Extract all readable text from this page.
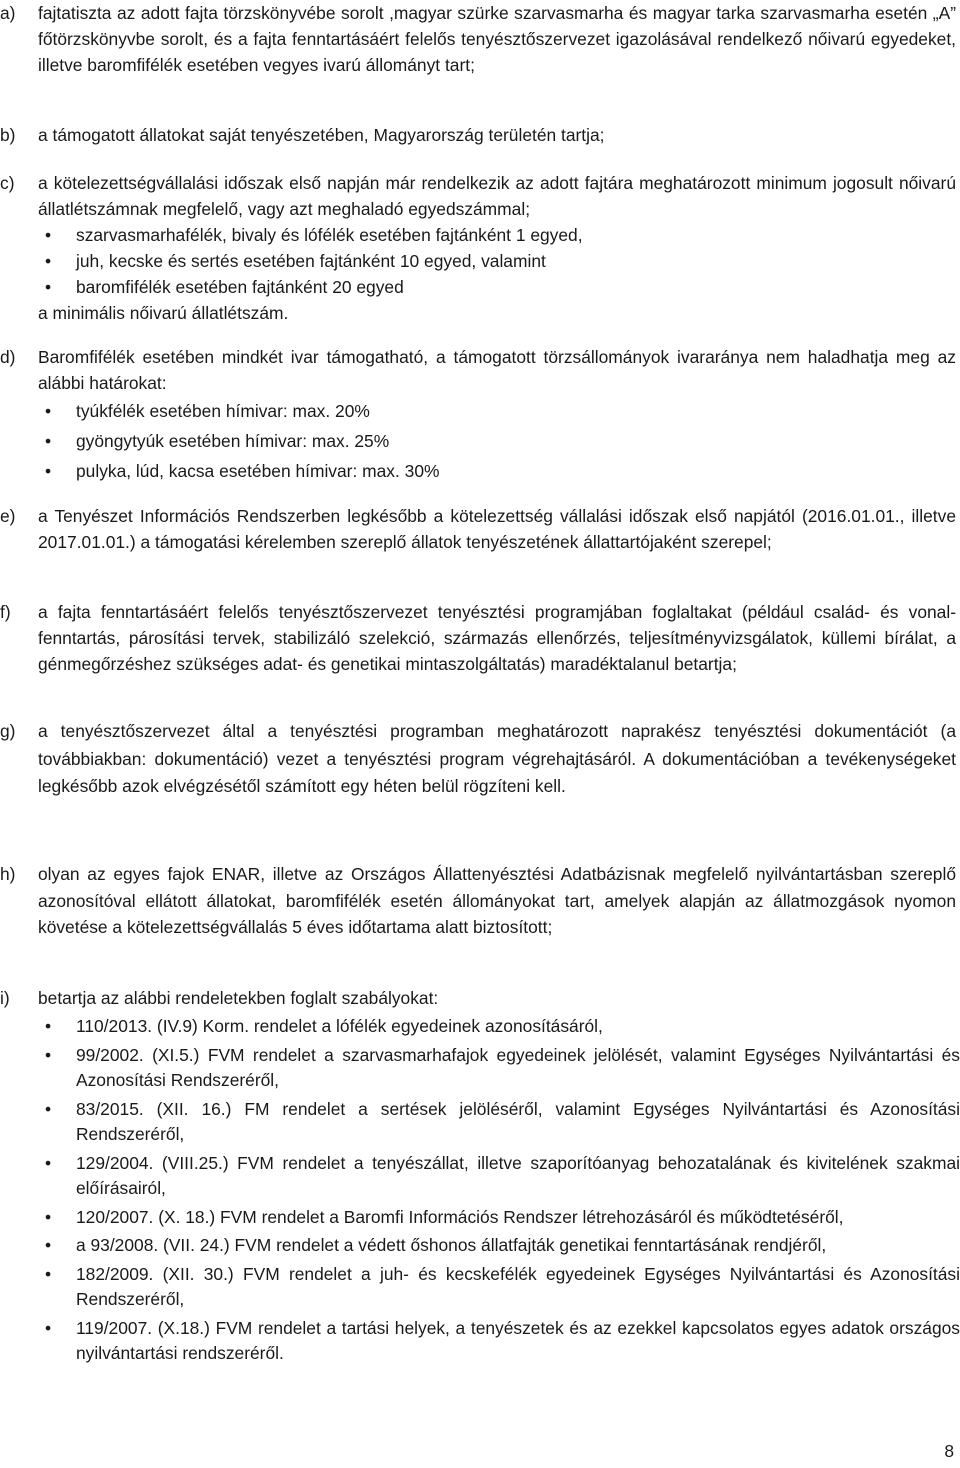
a) fajtatiszta az adott fajta törzskönyvébe sorolt ,magyar szürke szarvasmarha és magyar tarka szarvasmarha esetén „A” főtörzskönyvbe sorolt, és a fajta fenntartásáért felelős tenyésztőszervezet igazolásával rendelkező nőivarú egyedeket, illetve baromfifélék esetében vegyes ivarú állományt tart;

b) a támogatott állatokat saját tenyészetében, Magyarország területén tartja;

c) a kötelezettségvállalási időszak első napján már rendelkezik az adott fajtára meghatározott minimum jogosult nőivarú állatlétszámnak megfelelő, vagy azt meghaladó egyedszámmal;

• szarvasmarhafélék, bivaly és lófélék esetében fajtánként 1 egyed,
• juh, kecske és sertés esetében fajtánként 10 egyed, valamint
• baromfifélék esetében fajtánként 20 egyed

a minimális nőivarú állatlétszám.

d) Baromfifélék esetében mindkét ivar támogatható, a támogatott törzsállományok ivararánya nem haladhatja meg az alábbi határokat:

• tyúkfélék esetében hímivar: max. 20%
• gyöngytyúk esetében hímivar: max. 25%
• pulyka, lúd, kacsa esetében hímivar: max. 30%
e) a Tenyészet Információs Rendszerben legkésőbb a kötelezettség vállalási időszak első napjától (2016.01.01., illetve 2017.01.01.) a támogatási kérelemben szereplő állatok tenyészetének állattartójaként szerepel;

f) a fajta fenntartásáért felelős tenyésztőszervezet tenyésztési programjában foglaltakat (például család- és vonal-fenntartás, párosítási tervek, stabilizáló szelekció, származás ellenőrzés, teljesítményvizsgálatok, küllemi bírálat, a génmegőrzéshez szükséges adat- és genetikai mintaszolgáltatás) maradéktalanul betartja;

g) a tenyésztőszervezet által a tenyésztési programban meghatározott naprakész tenyésztési dokumentációt (a továbbiakban: dokumentáció) vezet a tenyésztési program végrehajtásáról. A dokumentációban a tevékenységeket legkésőbb azok elvégzésétől számított egy héten belül rögzíteni kell.

h) olyan az egyes fajok ENAR, illetve az Országos Állattenyésztési Adatbázisnak megfelelő nyilvántartásban szereplő azonosítóval ellátott állatokat, baromfifélék esetén állományokat tart, amelyek alapján az állatmozgások nyomon követése a kötelezettségvállalás 5 éves időtartama alatt biztosított;

i) betartja az alábbi rendeletekben foglalt szabályokat:

• 110/2013. (IV.9) Korm. rendelet a lófélék egyedeinek azonosításáról,
• 99/2002. (XI.5.) FVM rendelet a szarvasmarhafajok egyedeinek jelölését, valamint Egységes Nyilvántartási és Azonosítási Rendszeréről,
• 83/2015. (XII. 16.) FM rendelet a sertések jelöléséről, valamint Egységes Nyilvántartási és Azonosítási Rendszeréről,
• 129/2004. (VIII.25.) FVM rendelet a tenyészállat, illetve szaporítóanyag behozatalának és kivitelének szakmai előírásairól,
• 120/2007. (X. 18.) FVM rendelet a Baromfi Információs Rendszer létrehozásáról és működtetéséről,
• a 93/2008. (VII. 24.) FVM rendelet a védett őshonos állatfajták genetikai fenntartásának rendjéről,
• 182/2009. (XII. 30.) FVM rendelet a juh- és kecskefélék egyedeinek Egységes Nyilvántartási és Azonosítási Rendszeréről,
• 119/2007. (X.18.) FVM rendelet a tartási helyek, a tenyészetek és az ezekkel kapcsolatos egyes adatok országos nyilvántartási rendszeréről.
8
